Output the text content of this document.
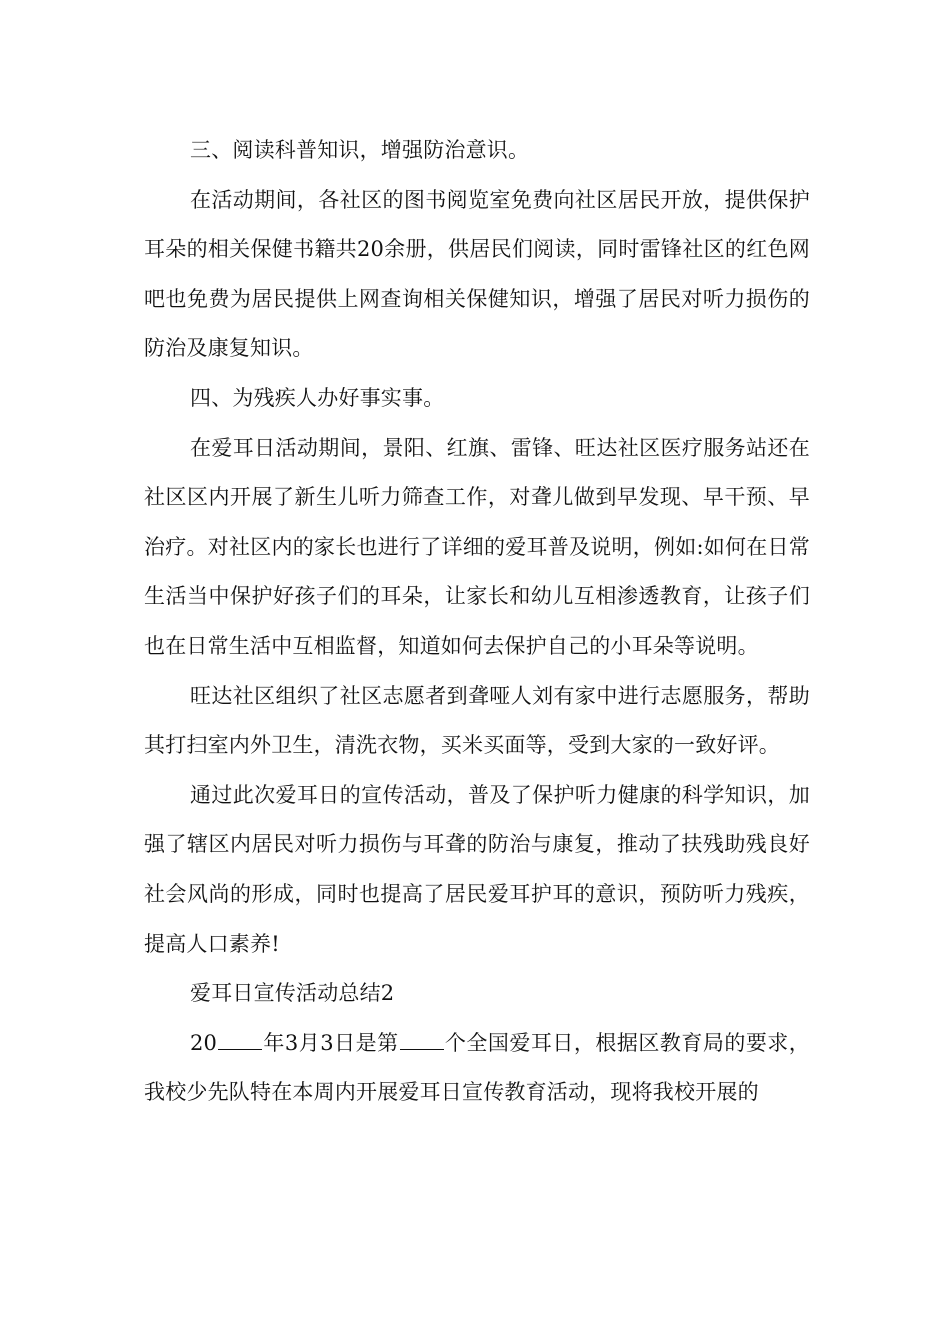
三、阅读科普知识，增强防治意识。

在活动期间，各社区的图书阅览室免费向社区居民开放，提供保护耳朵的相关保健书籍共20余册，供居民们阅读，同时雷锋社区的红色网吧也免费为居民提供上网查询相关保健知识，增强了居民对听力损伤的防治及康复知识。

四、为残疾人办好事实事。

在爱耳日活动期间，景阳、红旗、雷锋、旺达社区医疗服务站还在社区区内开展了新生儿听力筛查工作，对聋儿做到早发现、早干预、早治疗。对社区内的家长也进行了详细的爱耳普及说明，例如:如何在日常生活当中保护好孩子们的耳朵，让家长和幼儿互相渗透教育，让孩子们也在日常生活中互相监督，知道如何去保护自己的小耳朵等说明。

旺达社区组织了社区志愿者到聋哑人刘有家中进行志愿服务，帮助其打扫室内外卫生，清洗衣物，买米买面等，受到大家的一致好评。

通过此次爱耳日的宣传活动，普及了保护听力健康的科学知识，加强了辖区内居民对听力损伤与耳聋的防治与康复，推动了扶残助残良好社会风尚的形成，同时也提高了居民爱耳护耳的意识，预防听力残疾，提高人口素养!

爱耳日宣传活动总结2

20 年3月3日是第 个全国爱耳日，根据区教育局的要求，我校少先队特在本周内开展爱耳日宣传教育活动，现将我校开展的
